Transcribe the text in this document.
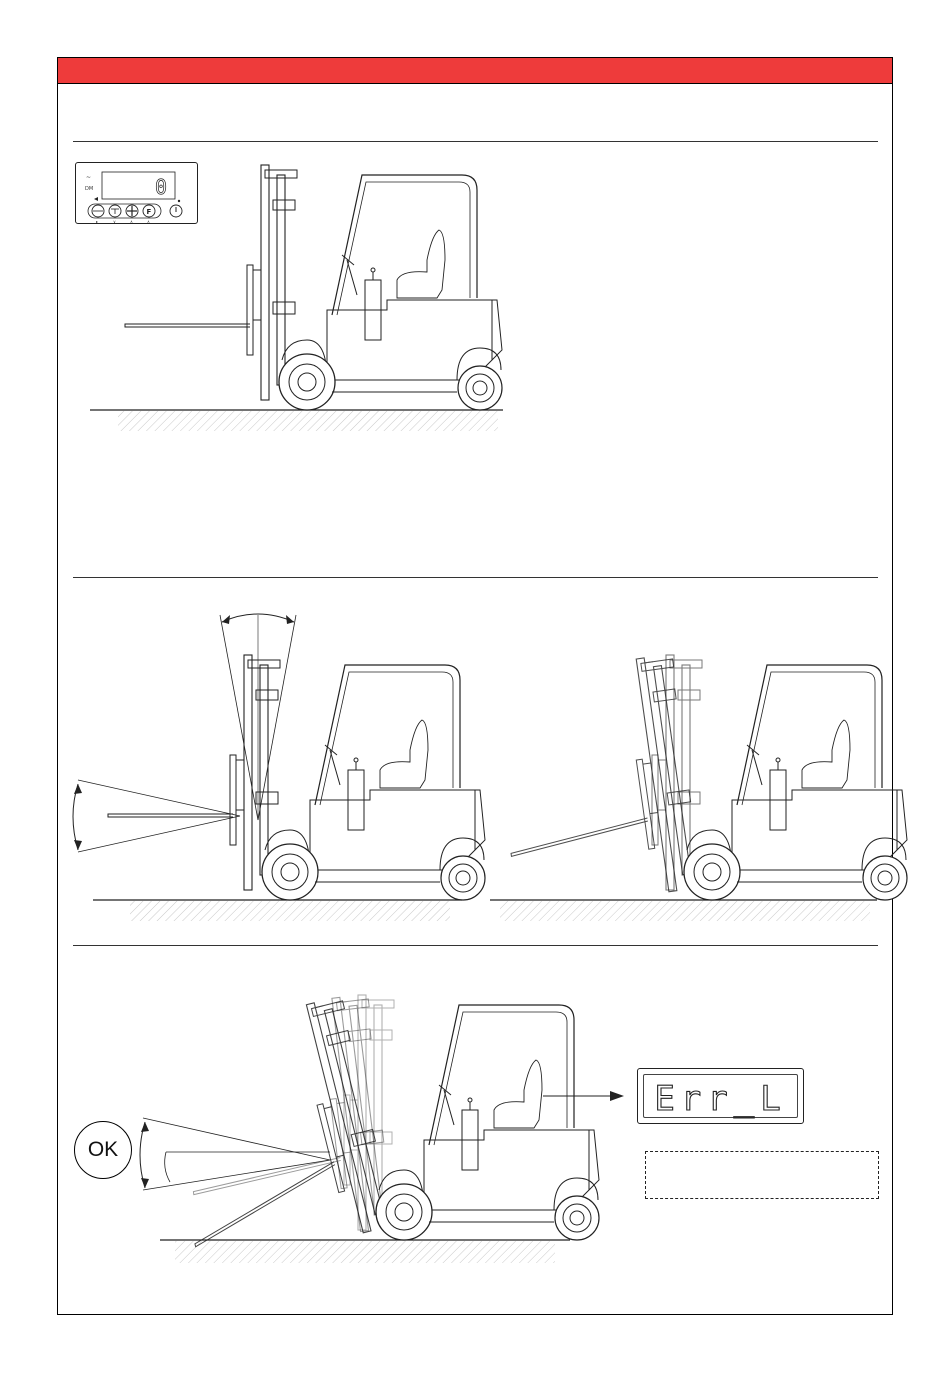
~
DM	0
F
▸	∨	∧	∧
OK
Err_L
